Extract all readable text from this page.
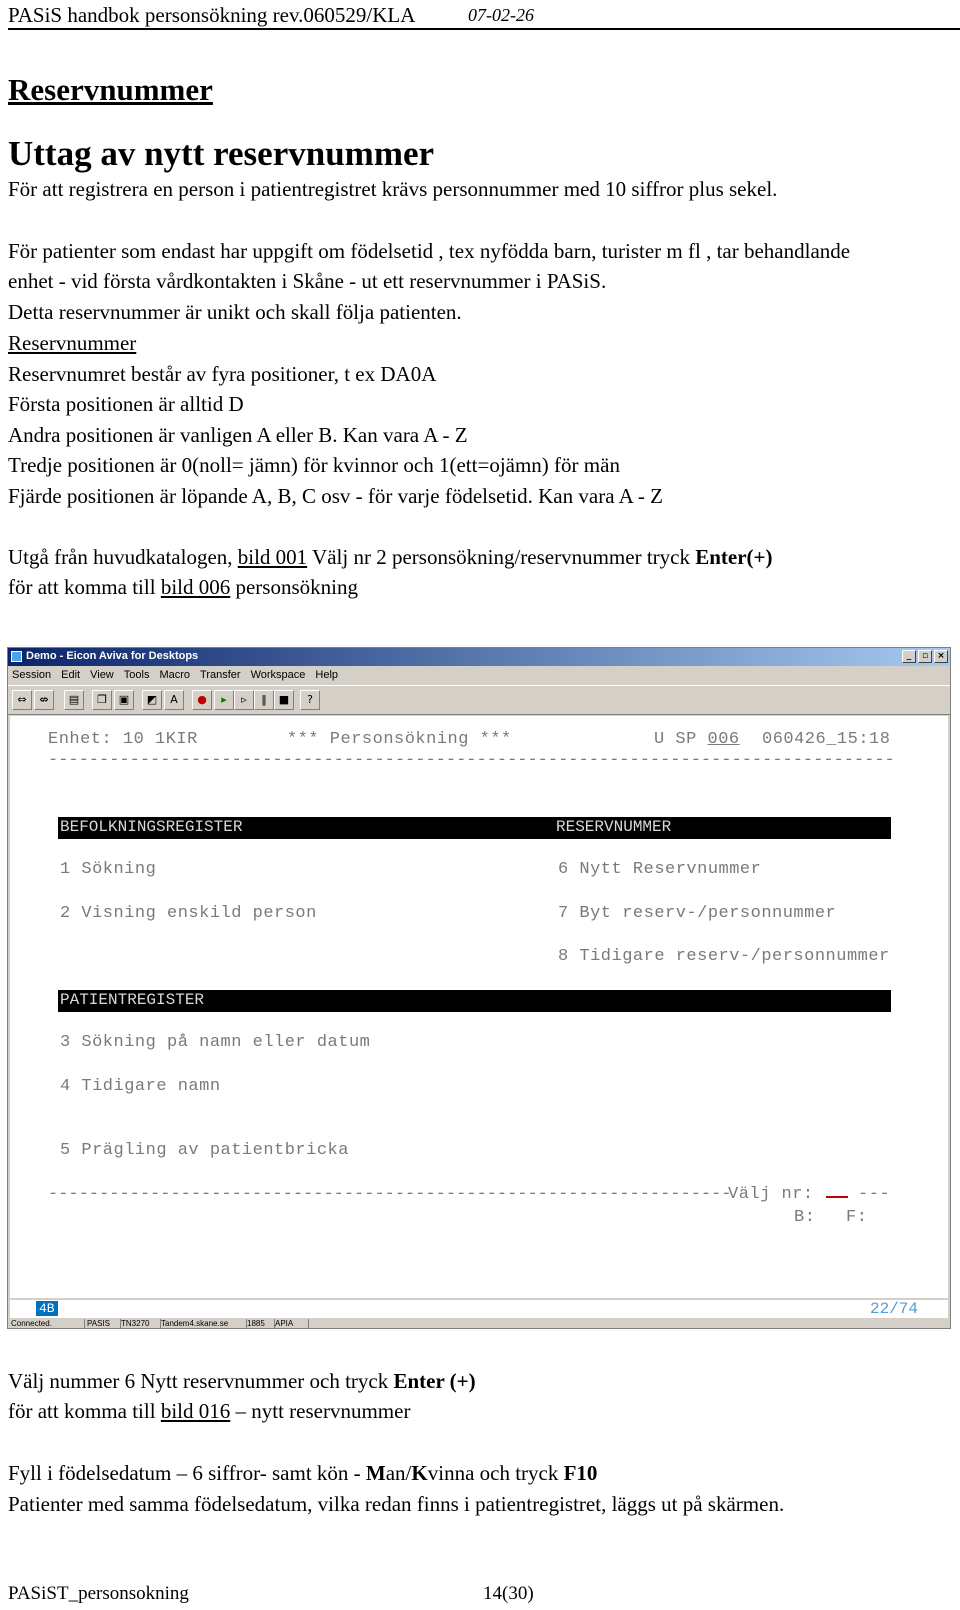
PASiS handbok personsökning rev.060529/KLA	07-02-26
Reservnummer
Uttag av nytt reservnummer
För att registrera en person i patientregistret krävs personnummer med 10 siffror plus sekel.
För patienter som endast har uppgift om födelsetid , tex nyfödda barn, turister m fl , tar behandlande
enhet - vid första vårdkontakten i Skåne - ut ett reservnummer i PASiS.
Detta reservnummer är unikt och skall följa patienten.
Reservnummer
Reservnumret består av fyra positioner, t ex DA0A
Första positionen är alltid D
Andra positionen är vanligen A eller B. Kan vara A - Z
Tredje positionen är 0(noll= jämn) för kvinnor och 1(ett=ojämn) för män
Fjärde positionen är löpande A, B, C osv - för varje födelsetid. Kan vara A - Z
Utgå från huvudkatalogen, bild 001 Välj nr 2 personsökning/reservnummer tryck Enter(+)
för att komma till bild 006 personsökning
Demo - Eicon Aviva for Desktops	_	▫	×
Session Edit View Tools Macro Transfer Workspace Help
⇔	⇎	▤	❐	▣	◩	A	●	▸	▹	‖	■	?
Enhet: 10 1KIR	*** Personsökning ***	U SP 006 060426_15:18
-----------------------------------------------------------------------------------
BEFOLKNINGSREGISTER	RESERVNUMMER
1 Sökning	6 Nytt Reservnummer
2 Visning enskild person	7 Byt reserv-/personnummer
8 Tidigare reserv-/personnummer
PATIENTREGISTER
3 Sökning på namn eller datum
4 Tidigare namn
5 Prägling av patientbricka
-------------------------------------------------------------------
Välj nr:	---
B: F:
4B	22/74
Connected.	PASIS	TN3270	Tandem4.skane.se	1885	APIA
Välj nummer 6 Nytt reservnummer och tryck Enter (+)
för att komma till bild 016 – nytt reservnummer
Fyll i födelsedatum – 6 siffror- samt kön - Man/Kvinna och tryck F10
Patienter med samma födelsedatum, vilka redan finns i patientregistret, läggs ut på skärmen.
PASiST_personsokning	14(30)
